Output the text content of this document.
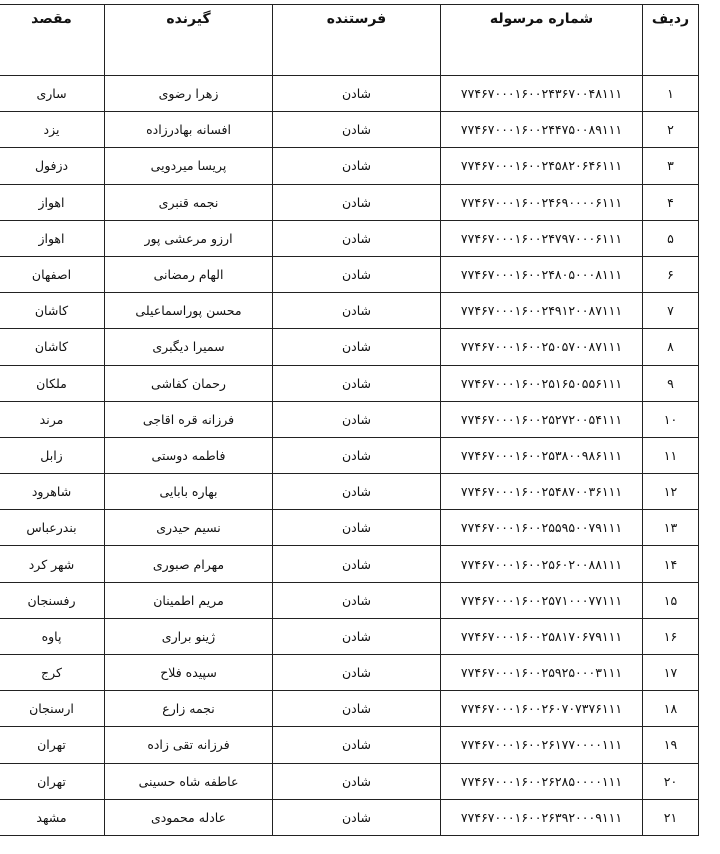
مقصد	گیرنده	فرستنده	شماره مرسوله	ردیف
ساری	زهرا رضوی	شادن	۷۷۴۶۷۰۰۰۱۶۰۰۲۴۳۶۷۰۰۴۸۱۱۱	۱
یزد	افسانه بهادرزاده	شادن	۷۷۴۶۷۰۰۰۱۶۰۰۲۴۴۷۵۰۰۸۹۱۱۱	۲
دزفول	پریسا میردویی	شادن	۷۷۴۶۷۰۰۰۱۶۰۰۲۴۵۸۲۰۶۴۶۱۱۱	۳
اهواز	نجمه قنبری	شادن	۷۷۴۶۷۰۰۰۱۶۰۰۲۴۶۹۰۰۰۰۶۱۱۱	۴
اهواز	ارزو مرعشی پور	شادن	۷۷۴۶۷۰۰۰۱۶۰۰۲۴۷۹۷۰۰۰۶۱۱۱	۵
اصفهان	الهام رمضانی	شادن	۷۷۴۶۷۰۰۰۱۶۰۰۲۴۸۰۵۰۰۰۸۱۱۱	۶
کاشان	محسن پوراسماعیلی	شادن	۷۷۴۶۷۰۰۰۱۶۰۰۲۴۹۱۲۰۰۸۷۱۱۱	۷
کاشان	سمیرا دیگبری	شادن	۷۷۴۶۷۰۰۰۱۶۰۰۲۵۰۵۷۰۰۸۷۱۱۱	۸
ملکان	رحمان کفاشی	شادن	۷۷۴۶۷۰۰۰۱۶۰۰۲۵۱۶۵۰۵۵۶۱۱۱	۹
مرند	فرزانه قره اقاجی	شادن	۷۷۴۶۷۰۰۰۱۶۰۰۲۵۲۷۲۰۰۵۴۱۱۱	۱۰
زابل	فاطمه دوستی	شادن	۷۷۴۶۷۰۰۰۱۶۰۰۲۵۳۸۰۰۹۸۶۱۱۱	۱۱
شاهرود	بهاره بابایی	شادن	۷۷۴۶۷۰۰۰۱۶۰۰۲۵۴۸۷۰۰۳۶۱۱۱	۱۲
بندرعباس	نسیم حیدری	شادن	۷۷۴۶۷۰۰۰۱۶۰۰۲۵۵۹۵۰۰۷۹۱۱۱	۱۳
شهر کرد	مهرام صبوری	شادن	۷۷۴۶۷۰۰۰۱۶۰۰۲۵۶۰۲۰۰۸۸۱۱۱	۱۴
رفسنجان	مریم اطمینان	شادن	۷۷۴۶۷۰۰۰۱۶۰۰۲۵۷۱۰۰۰۷۷۱۱۱	۱۵
پاوه	ژینو براری	شادن	۷۷۴۶۷۰۰۰۱۶۰۰۲۵۸۱۷۰۶۷۹۱۱۱	۱۶
کرج	سپیده فلاح	شادن	۷۷۴۶۷۰۰۰۱۶۰۰۲۵۹۲۵۰۰۰۳۱۱۱	۱۷
ارسنجان	نجمه زارع	شادن	۷۷۴۶۷۰۰۰۱۶۰۰۲۶۰۷۰۷۳۷۶۱۱۱	۱۸
تهران	فرزانه تقی زاده	شادن	۷۷۴۶۷۰۰۰۱۶۰۰۲۶۱۷۷۰۰۰۰۱۱۱	۱۹
تهران	عاطفه شاه حسینی	شادن	۷۷۴۶۷۰۰۰۱۶۰۰۲۶۲۸۵۰۰۰۰۱۱۱	۲۰
مشهد	عادله محمودی	شادن	۷۷۴۶۷۰۰۰۱۶۰۰۲۶۳۹۲۰۰۰۹۱۱۱	۲۱
